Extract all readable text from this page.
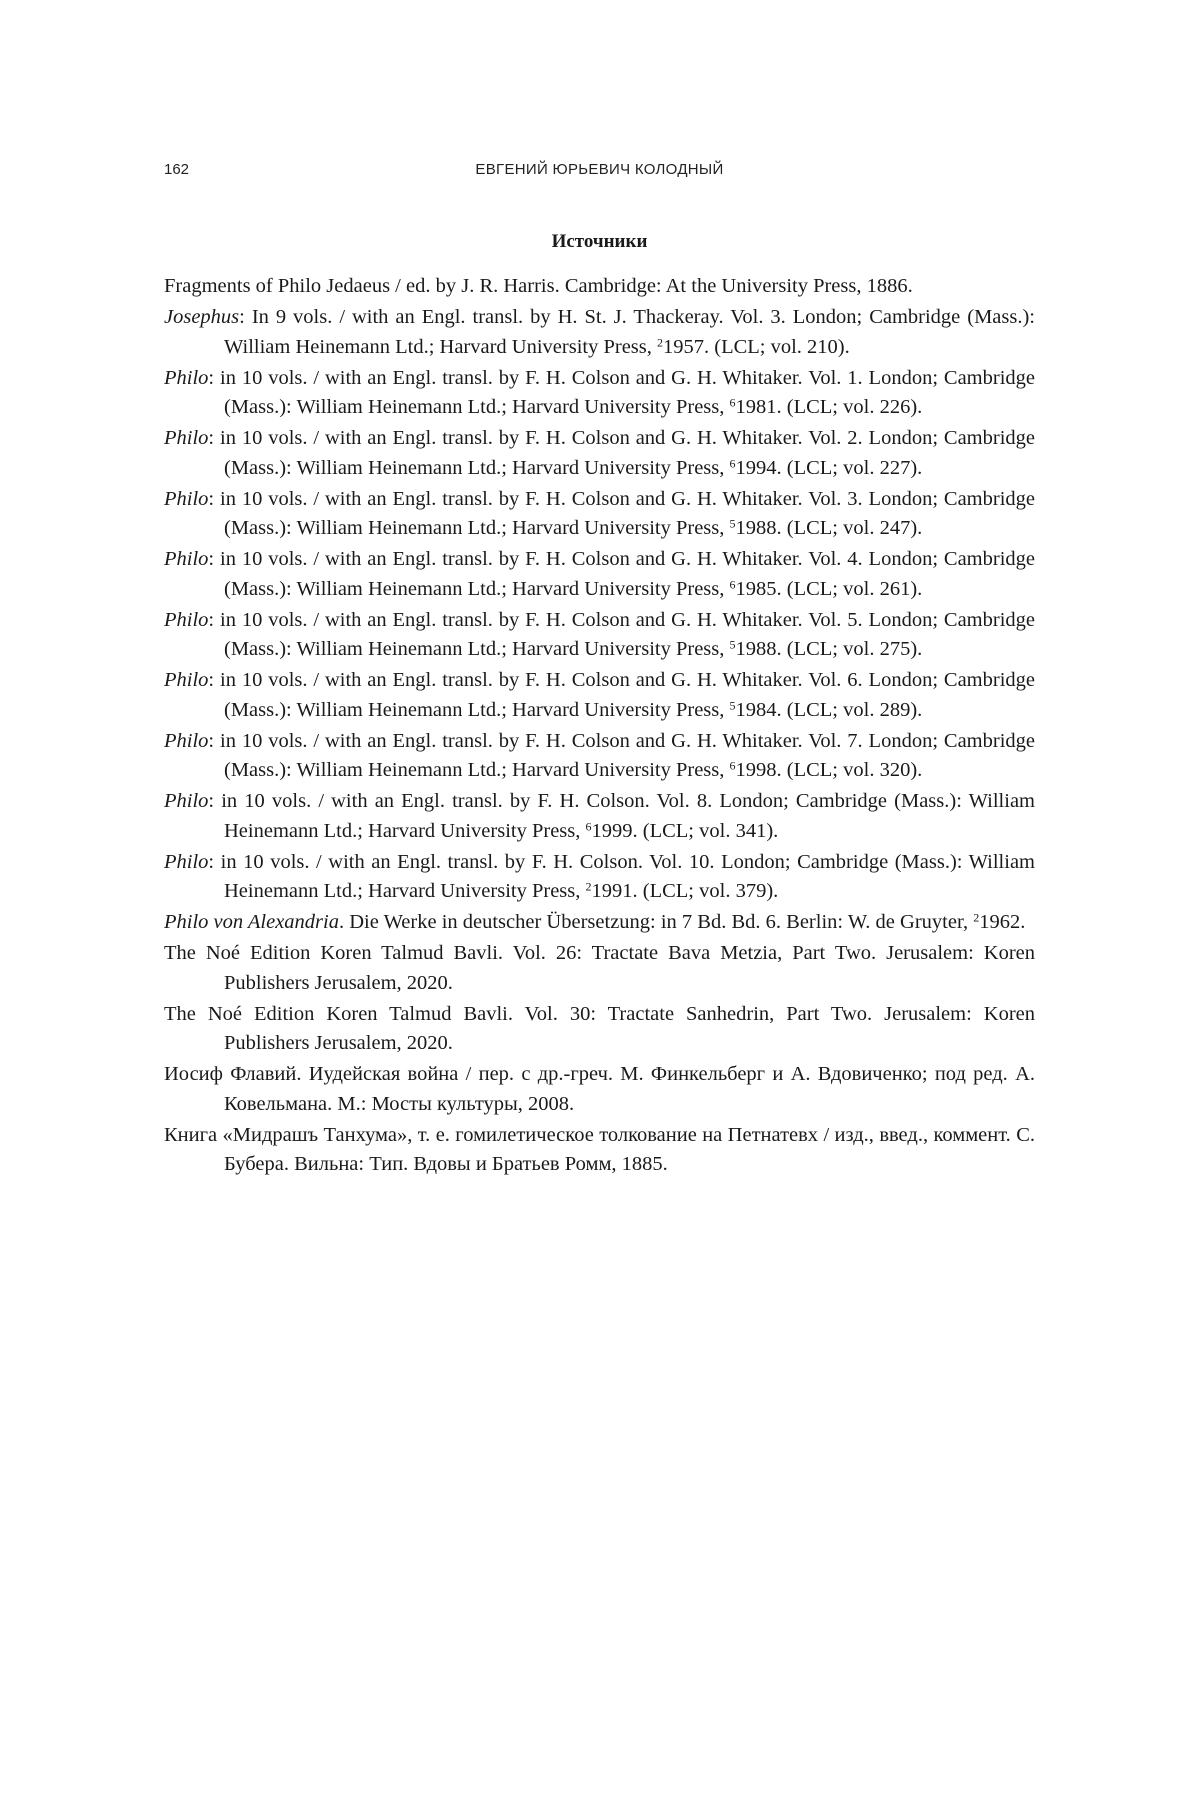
162	ЕВГЕНИЙ ЮРЬЕВИЧ КОЛОДНЫЙ
Источники
Fragments of Philo Jedaeus / ed. by J. R. Harris. Cambridge: At the University Press, 1886.
Josephus: In 9 vols. / with an Engl. transl. by H. St. J. Thackeray. Vol. 3. London; Cambridge (Mass.): William Heinemann Ltd.; Harvard University Press, $^2$1957. (LCL; vol. 210).
Philo: in 10 vols. / with an Engl. transl. by F. H. Colson and G. H. Whitaker. Vol. 1. London; Cambridge (Mass.): William Heinemann Ltd.; Harvard University Press, $^6$1981. (LCL; vol. 226).
Philo: in 10 vols. / with an Engl. transl. by F. H. Colson and G. H. Whitaker. Vol. 2. London; Cambridge (Mass.): William Heinemann Ltd.; Harvard University Press, $^6$1994. (LCL; vol. 227).
Philo: in 10 vols. / with an Engl. transl. by F. H. Colson and G. H. Whitaker. Vol. 3. London; Cambridge (Mass.): William Heinemann Ltd.; Harvard University Press, $^5$1988. (LCL; vol. 247).
Philo: in 10 vols. / with an Engl. transl. by F. H. Colson and G. H. Whitaker. Vol. 4. London; Cambridge (Mass.): William Heinemann Ltd.; Harvard University Press, $^6$1985. (LCL; vol. 261).
Philo: in 10 vols. / with an Engl. transl. by F. H. Colson and G. H. Whitaker. Vol. 5. London; Cambridge (Mass.): William Heinemann Ltd.; Harvard University Press, $^5$1988. (LCL; vol. 275).
Philo: in 10 vols. / with an Engl. transl. by F. H. Colson and G. H. Whitaker. Vol. 6. London; Cambridge (Mass.): William Heinemann Ltd.; Harvard University Press, $^5$1984. (LCL; vol. 289).
Philo: in 10 vols. / with an Engl. transl. by F. H. Colson and G. H. Whitaker. Vol. 7. London; Cambridge (Mass.): William Heinemann Ltd.; Harvard University Press, $^6$1998. (LCL; vol. 320).
Philo: in 10 vols. / with an Engl. transl. by F. H. Colson. Vol. 8. London; Cambridge (Mass.): William Heinemann Ltd.; Harvard University Press, $^6$1999. (LCL; vol. 341).
Philo: in 10 vols. / with an Engl. transl. by F. H. Colson. Vol. 10. London; Cambridge (Mass.): William Heinemann Ltd.; Harvard University Press, $^2$1991. (LCL; vol. 379).
Philo von Alexandria. Die Werke in deutscher Übersetzung: in 7 Bd. Bd. 6. Berlin: W. de Gruyter, $^2$1962.
The Noé Edition Koren Talmud Bavli. Vol. 26: Tractate Bava Metzia, Part Two. Jerusalem: Koren Publishers Jerusalem, 2020.
The Noé Edition Koren Talmud Bavli. Vol. 30: Tractate Sanhedrin, Part Two. Jerusalem: Koren Publishers Jerusalem, 2020.
Иосиф Флавий. Иудейская война / пер. с др.-греч. М. Финкельберг и А. Вдовиченко; под ред. А. Ковельмана. М.: Мосты культуры, 2008.
Книга «Мидрашъ Танхума», т. е. гомилетическое толкование на Петнатевх / изд., введ., коммент. С. Бубера. Вильна: Тип. Вдовы и Братьев Ромм, 1885.
